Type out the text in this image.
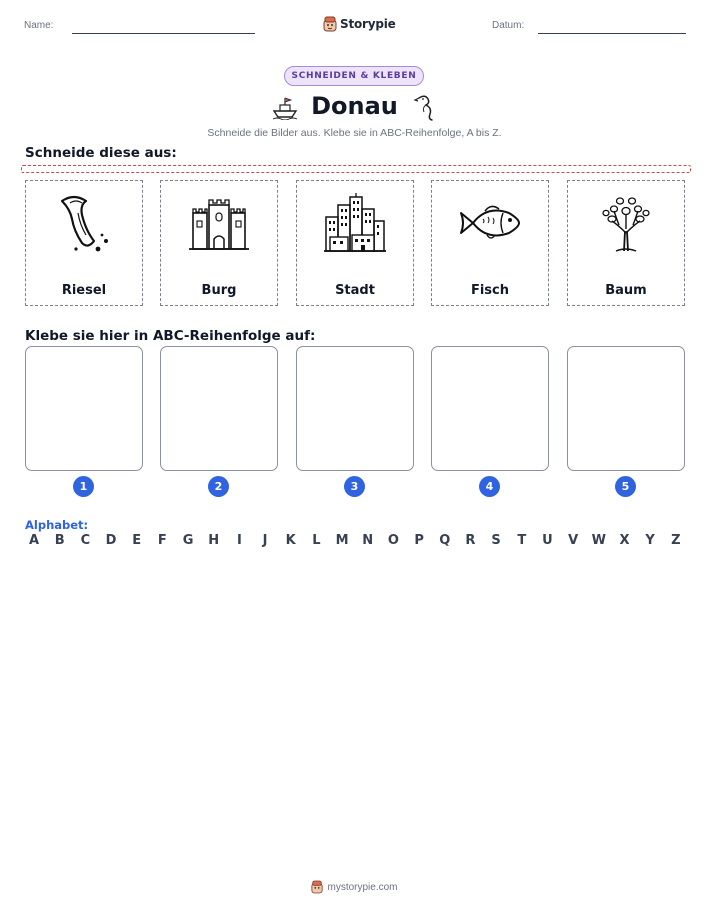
Name:	Storypie	Datum:
SCHNEIDEN & KLEBEN
Donau
Schneide die Bilder aus. Klebe sie in ABC-Reihenfolge, A bis Z.
Schneide diese aus:
Riesel	Burg	Stadt	Fisch	Baum
Klebe sie hier in ABC-Reihenfolge auf:
1	2	3	4	5
Alphabet:
A	B	C	D	E	F	G H	I	J	K	L	M N O	P	Q	R	S	T	U	V	W	X	Y	Z
mystorypie.com
